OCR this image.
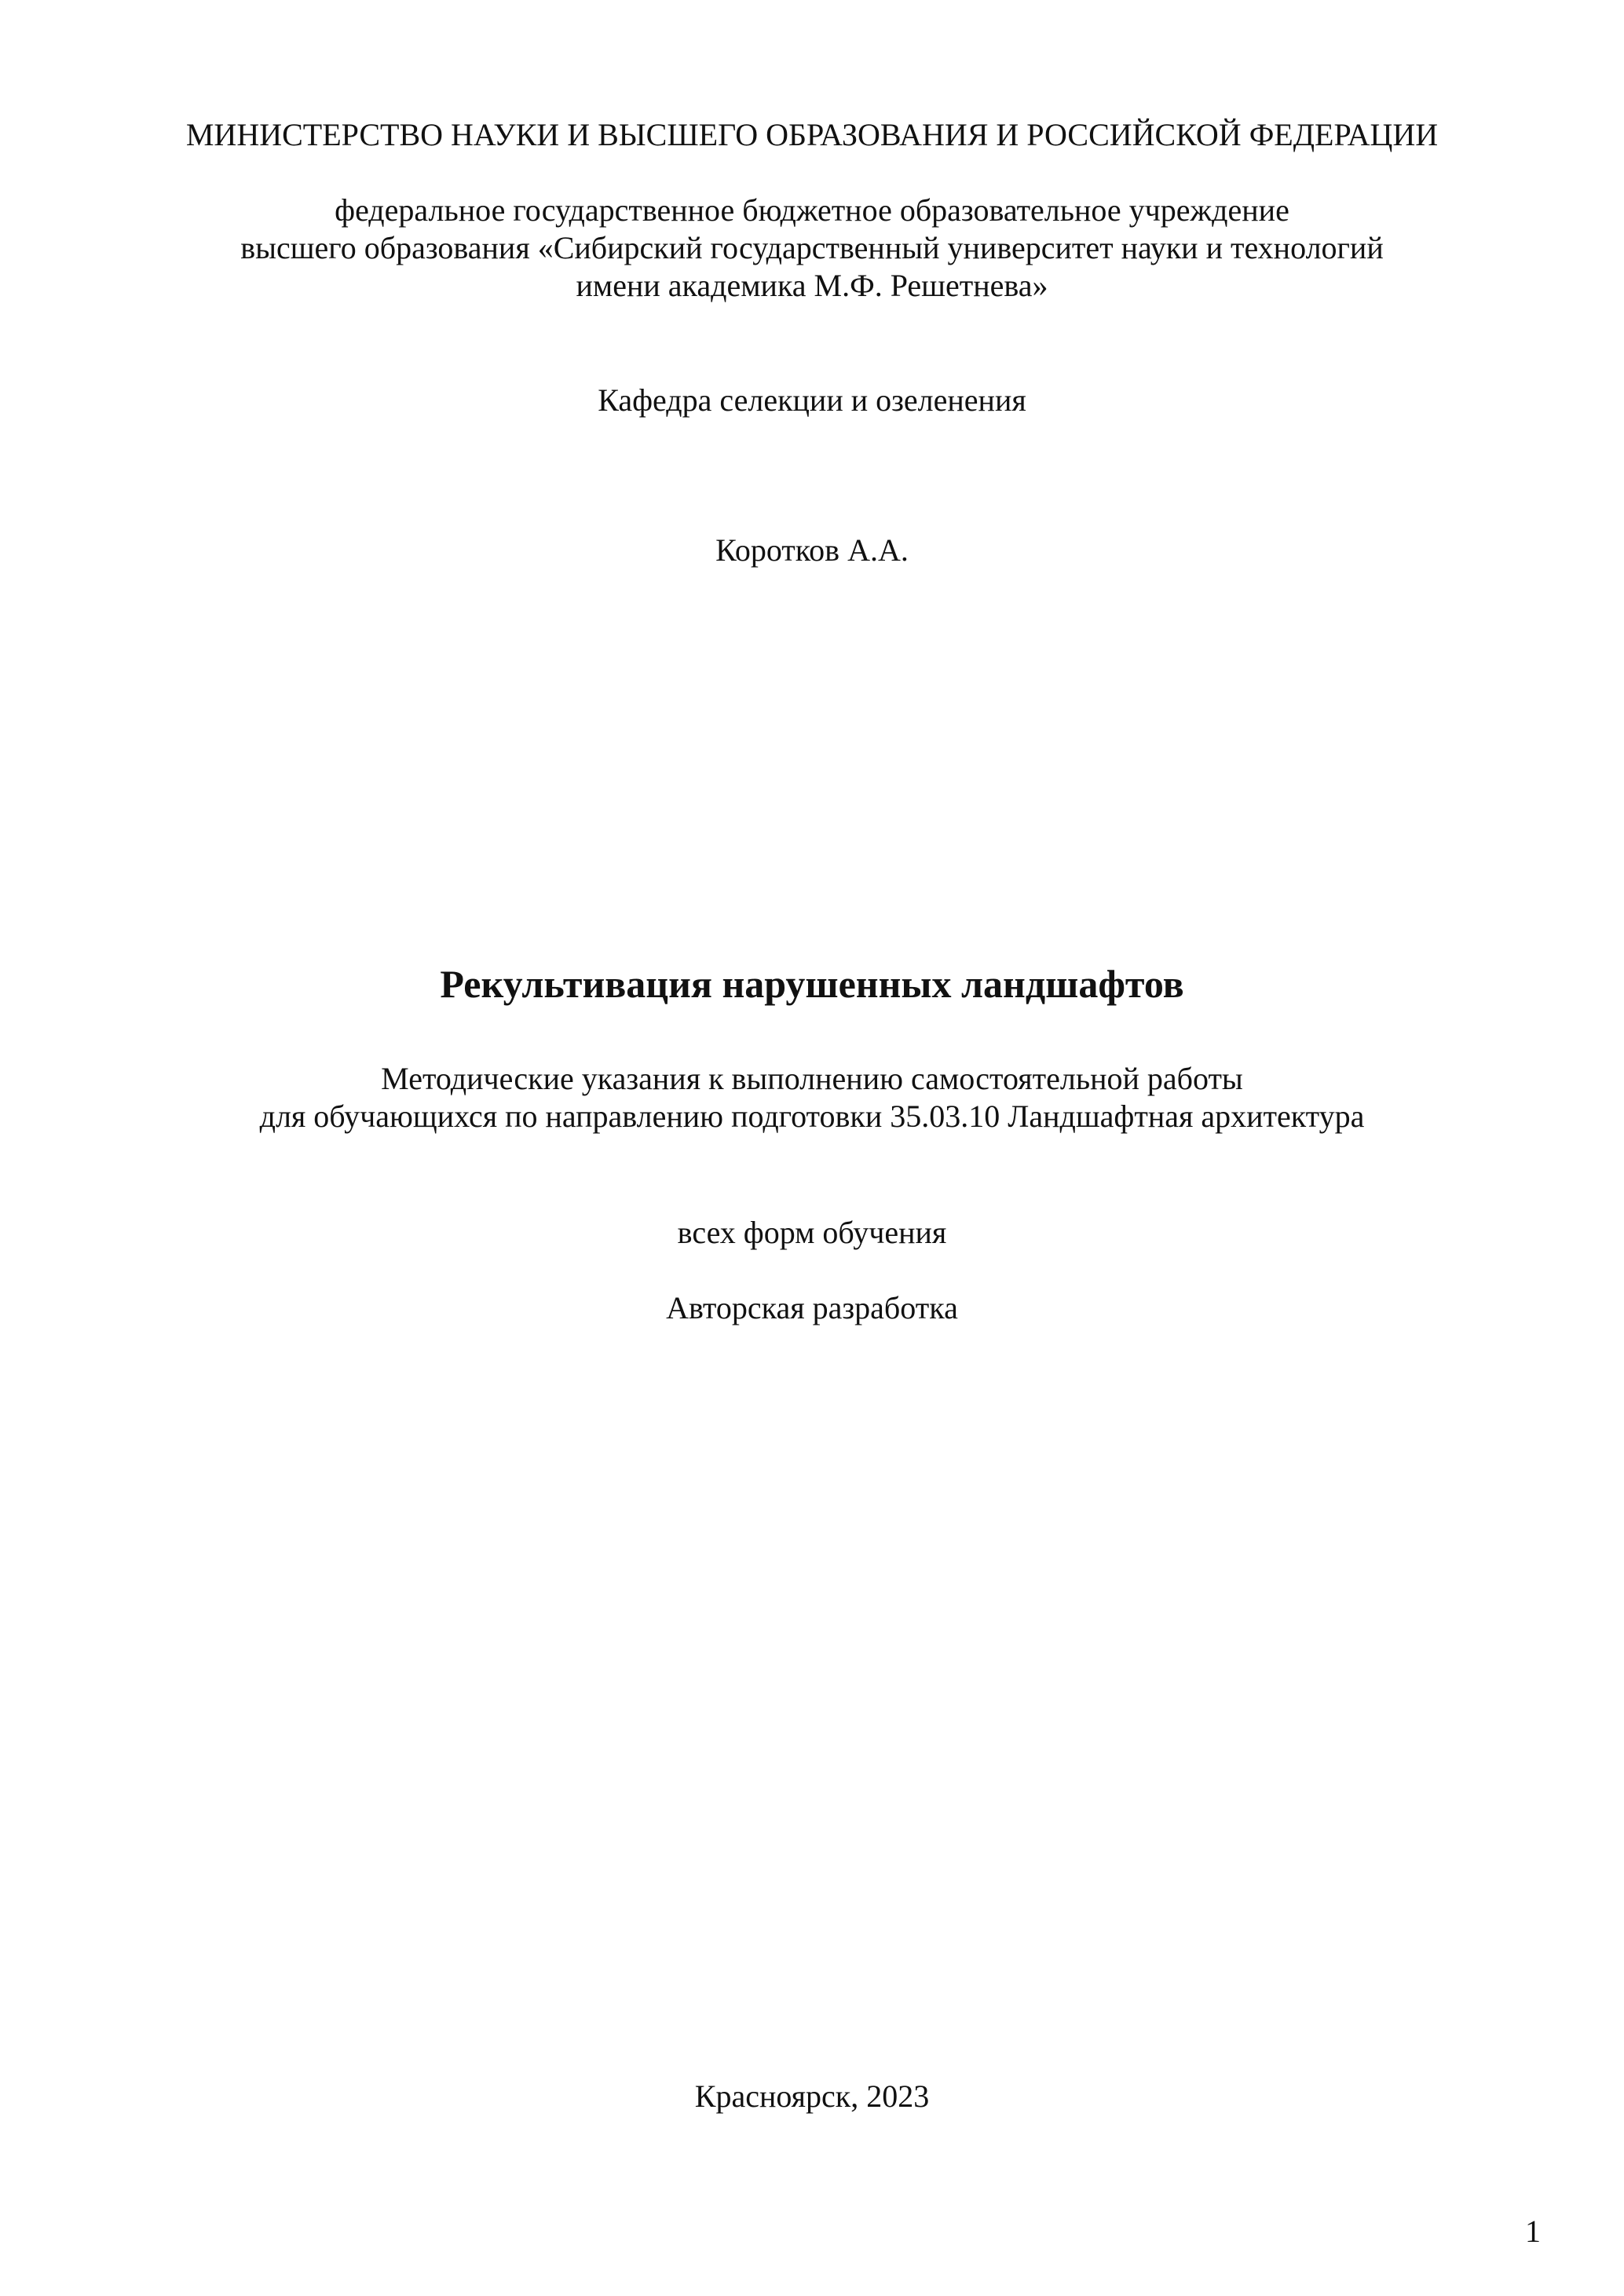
МИНИСТЕРСТВО НАУКИ И ВЫСШЕГО ОБРАЗОВАНИЯ И РОССИЙСКОЙ ФЕДЕРАЦИИ
федеральное государственное бюджетное образовательное учреждение
высшего образования «Сибирский государственный университет науки и технологий
имени академика М.Ф. Решетнева»
Кафедра селекции и озеленения
Коротков А.А.
Рекультивация нарушенных ландшафтов
Методические указания к выполнению самостоятельной работы
для обучающихся по направлению подготовки 35.03.10 Ландшафтная архитектура
всех форм обучения
Авторская разработка
Красноярск, 2023
1
